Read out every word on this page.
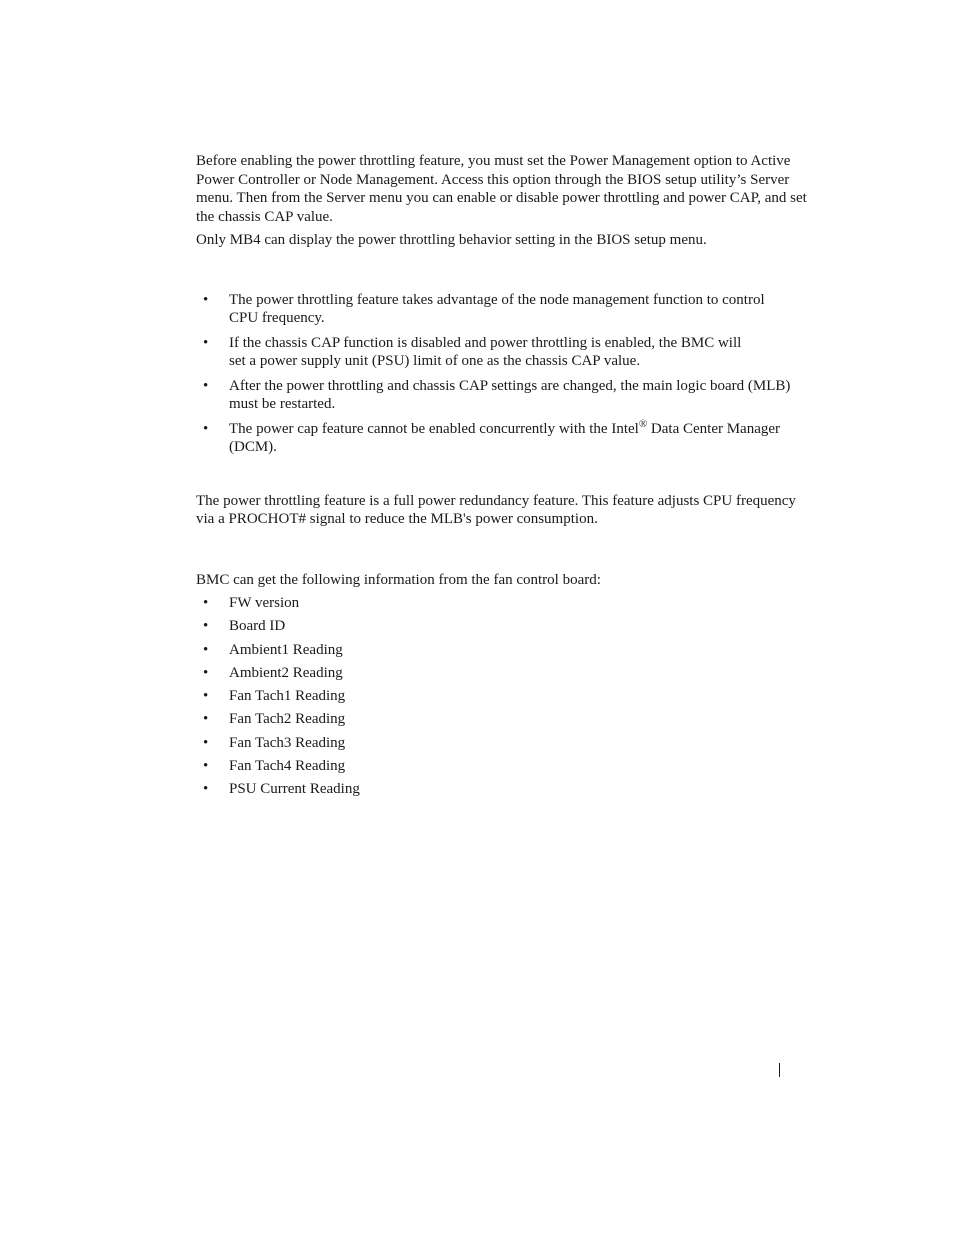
Before enabling the power throttling feature, you must set the Power Management option to Active Power Controller or Node Management. Access this option through the BIOS setup utility’s Server menu. Then from the Server menu you can enable or disable power throttling and power CAP, and set the chassis CAP value.

Only MB4 can display the power throttling behavior setting in the BIOS setup menu.

• The power throttling feature takes advantage of the node management function to control
CPU frequency.
• If the chassis CAP function is disabled and power throttling is enabled, the BMC will
set a power supply unit (PSU) limit of one as the chassis CAP value.
• After the power throttling and chassis CAP settings are changed, the main logic board (MLB)
must be restarted.
• The power cap feature cannot be enabled concurrently with the Intel® Data Center Manager
(DCM).

The power throttling feature is a full power redundancy feature. This feature adjusts CPU frequency via a PROCHOT# signal to reduce the MLB's power consumption.

BMC can get the following information from the fan control board:

• FW version
• Board ID
• Ambient1 Reading
• Ambient2 Reading
• Fan Tach1 Reading
• Fan Tach2 Reading
• Fan Tach3 Reading
• Fan Tach4 Reading
• PSU Current Reading
